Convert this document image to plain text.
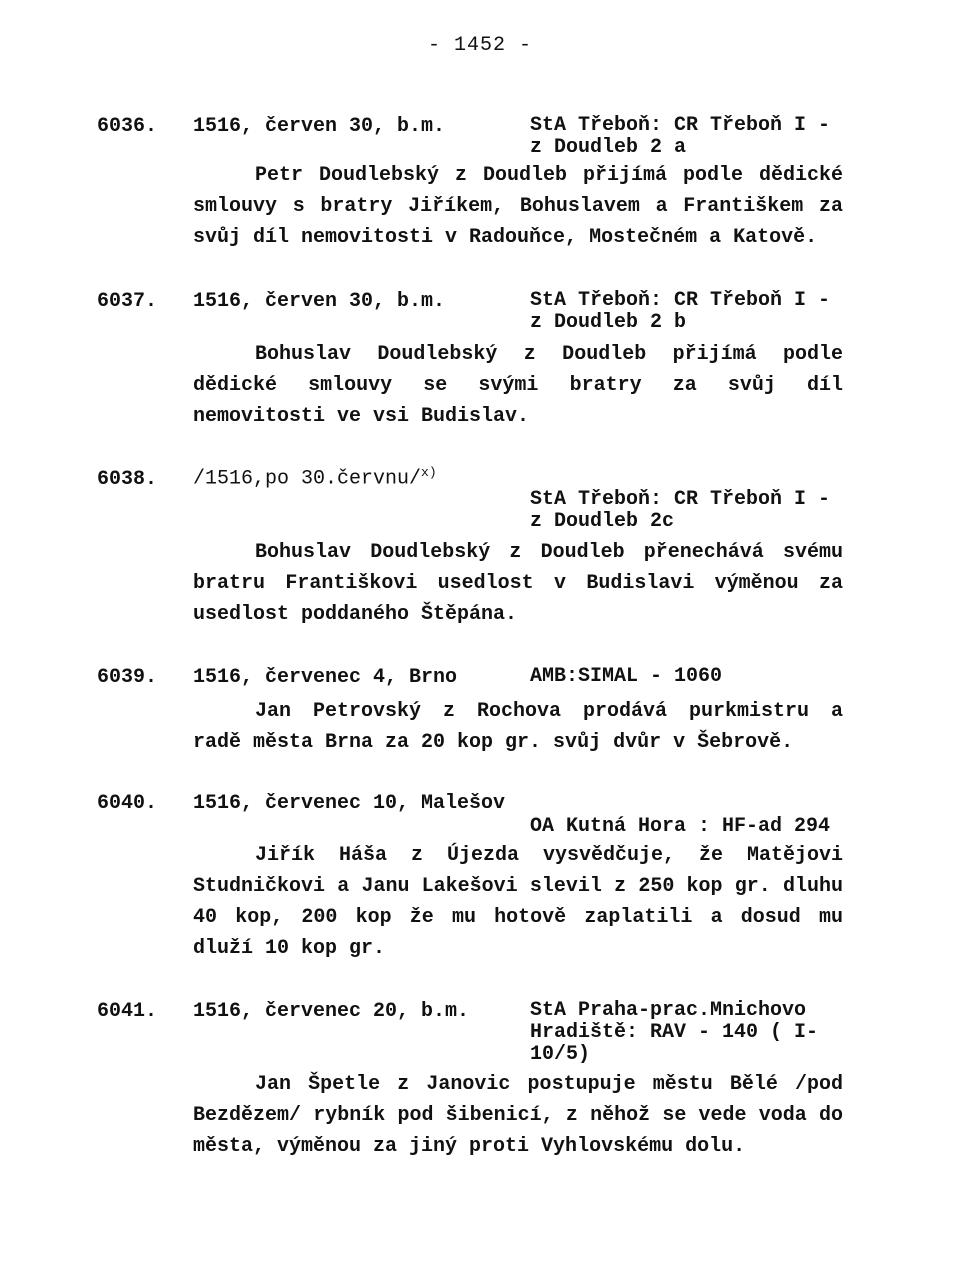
- 1452 -
6036. 1516, červen 30, b.m.	StA Třeboň: CR Třeboň I -
z Doudleb 2 a
Petr Doudlebský z Doudleb přijímá podle dědické smlouvy s bratry Jiříkem, Bohuslavem a Františkem za svůj díl nemovitosti v Radouňce, Mostečném a Katově.
6037. 1516, červen 30, b.m.	StA Třeboň: CR Třeboň I -
z Doudleb 2 b
Bohuslav Doudlebský z Doudleb přijímá podle dědické smlouvy se svými bratry za svůj díl nemovitosti ve vsi Budislav.
6038. /1516,po 30.červnu/$^{x)}$
StA Třeboň: CR Třeboň I -
z Doudleb 2c
Bohuslav Doudlebský z Doudleb přenechává svému bratru Františkovi usedlost v Budislavi výměnou za usedlost poddaného Štěpána.
6039. 1516, červenec 4, Brno	AMB:SIMAL - 1060
Jan Petrovský z Rochova prodává purkmistru a radě města Brna za 20 kop gr. svůj dvůr v Šebrově.
6040. 1516, červenec 10, Malešov
OA Kutná Hora : HF-ad 294
Jiřík Háša z Újezda vysvědčuje, že Matějovi Studničkovi a Janu Lakešovi slevil z 250 kop gr. dluhu 40 kop, 200 kop že mu hotově zaplatili a dosud mu dluží 10 kop gr.
6041. 1516, červenec 20, b.m.	StA Praha-prac.Mnichovo
Hradiště: RAV - 140 ( I-
10/5)
Jan Špetle z Janovic postupuje městu Bělé /pod Bezdězem/ rybník pod šibenicí, z něhož se vede voda do města, výměnou za jiný proti Vyhlovskému dolu.
